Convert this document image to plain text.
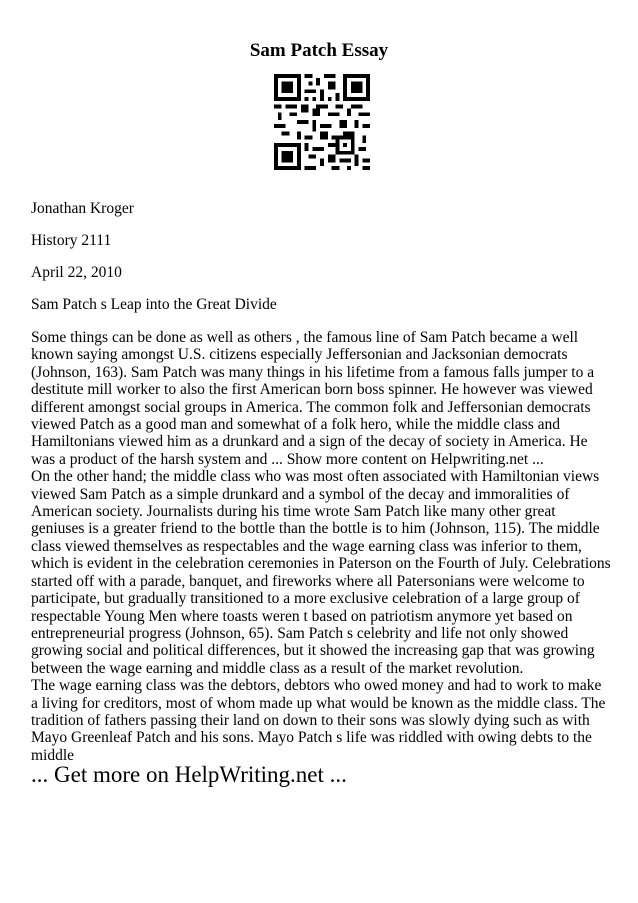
Sam Patch Essay
Jonathan Kroger
History 2111
April 22, 2010
Sam Patch s Leap into the Great Divide

Some things can be done as well as others , the famous line of Sam Patch became a well known saying amongst U.S. citizens especially Jeffersonian and Jacksonian democrats (Johnson, 163). Sam Patch was many things in his lifetime from a famous falls jumper to a destitute mill worker to also the first American born boss spinner. He however was viewed different amongst social groups in America. The common folk and Jeffersonian democrats viewed Patch as a good man and somewhat of a folk hero, while the middle class and Hamiltonians viewed him as a drunkard and a sign of the decay of society in America. He was a product of the harsh system and ... Show more content on Helpwriting.net ...

On the other hand; the middle class who was most often associated with Hamiltonian views viewed Sam Patch as a simple drunkard and a symbol of the decay and immoralities of American society. Journalists during his time wrote Sam Patch like many other great geniuses is a greater friend to the bottle than the bottle is to him (Johnson, 115). The middle class viewed themselves as respectables and the wage earning class was inferior to them, which is evident in the celebration ceremonies in Paterson on the Fourth of July. Celebrations started off with a parade, banquet, and fireworks where all Patersonians were welcome to participate, but gradually transitioned to a more exclusive celebration of a large group of respectable Young Men where toasts weren t based on patriotism anymore yet based on entrepreneurial progress (Johnson, 65). Sam Patch s celebrity and life not only showed growing social and political differences, but it showed the increasing gap that was growing between the wage earning and middle class as a result of the market revolution.

The wage earning class was the debtors, debtors who owed money and had to work to make a living for creditors, most of whom made up what would be known as the middle class. The tradition of fathers passing their land on down to their sons was slowly dying such as with Mayo Greenleaf Patch and his sons. Mayo Patch s life was riddled with owing debts to the middle

... Get more on HelpWriting.net ...
